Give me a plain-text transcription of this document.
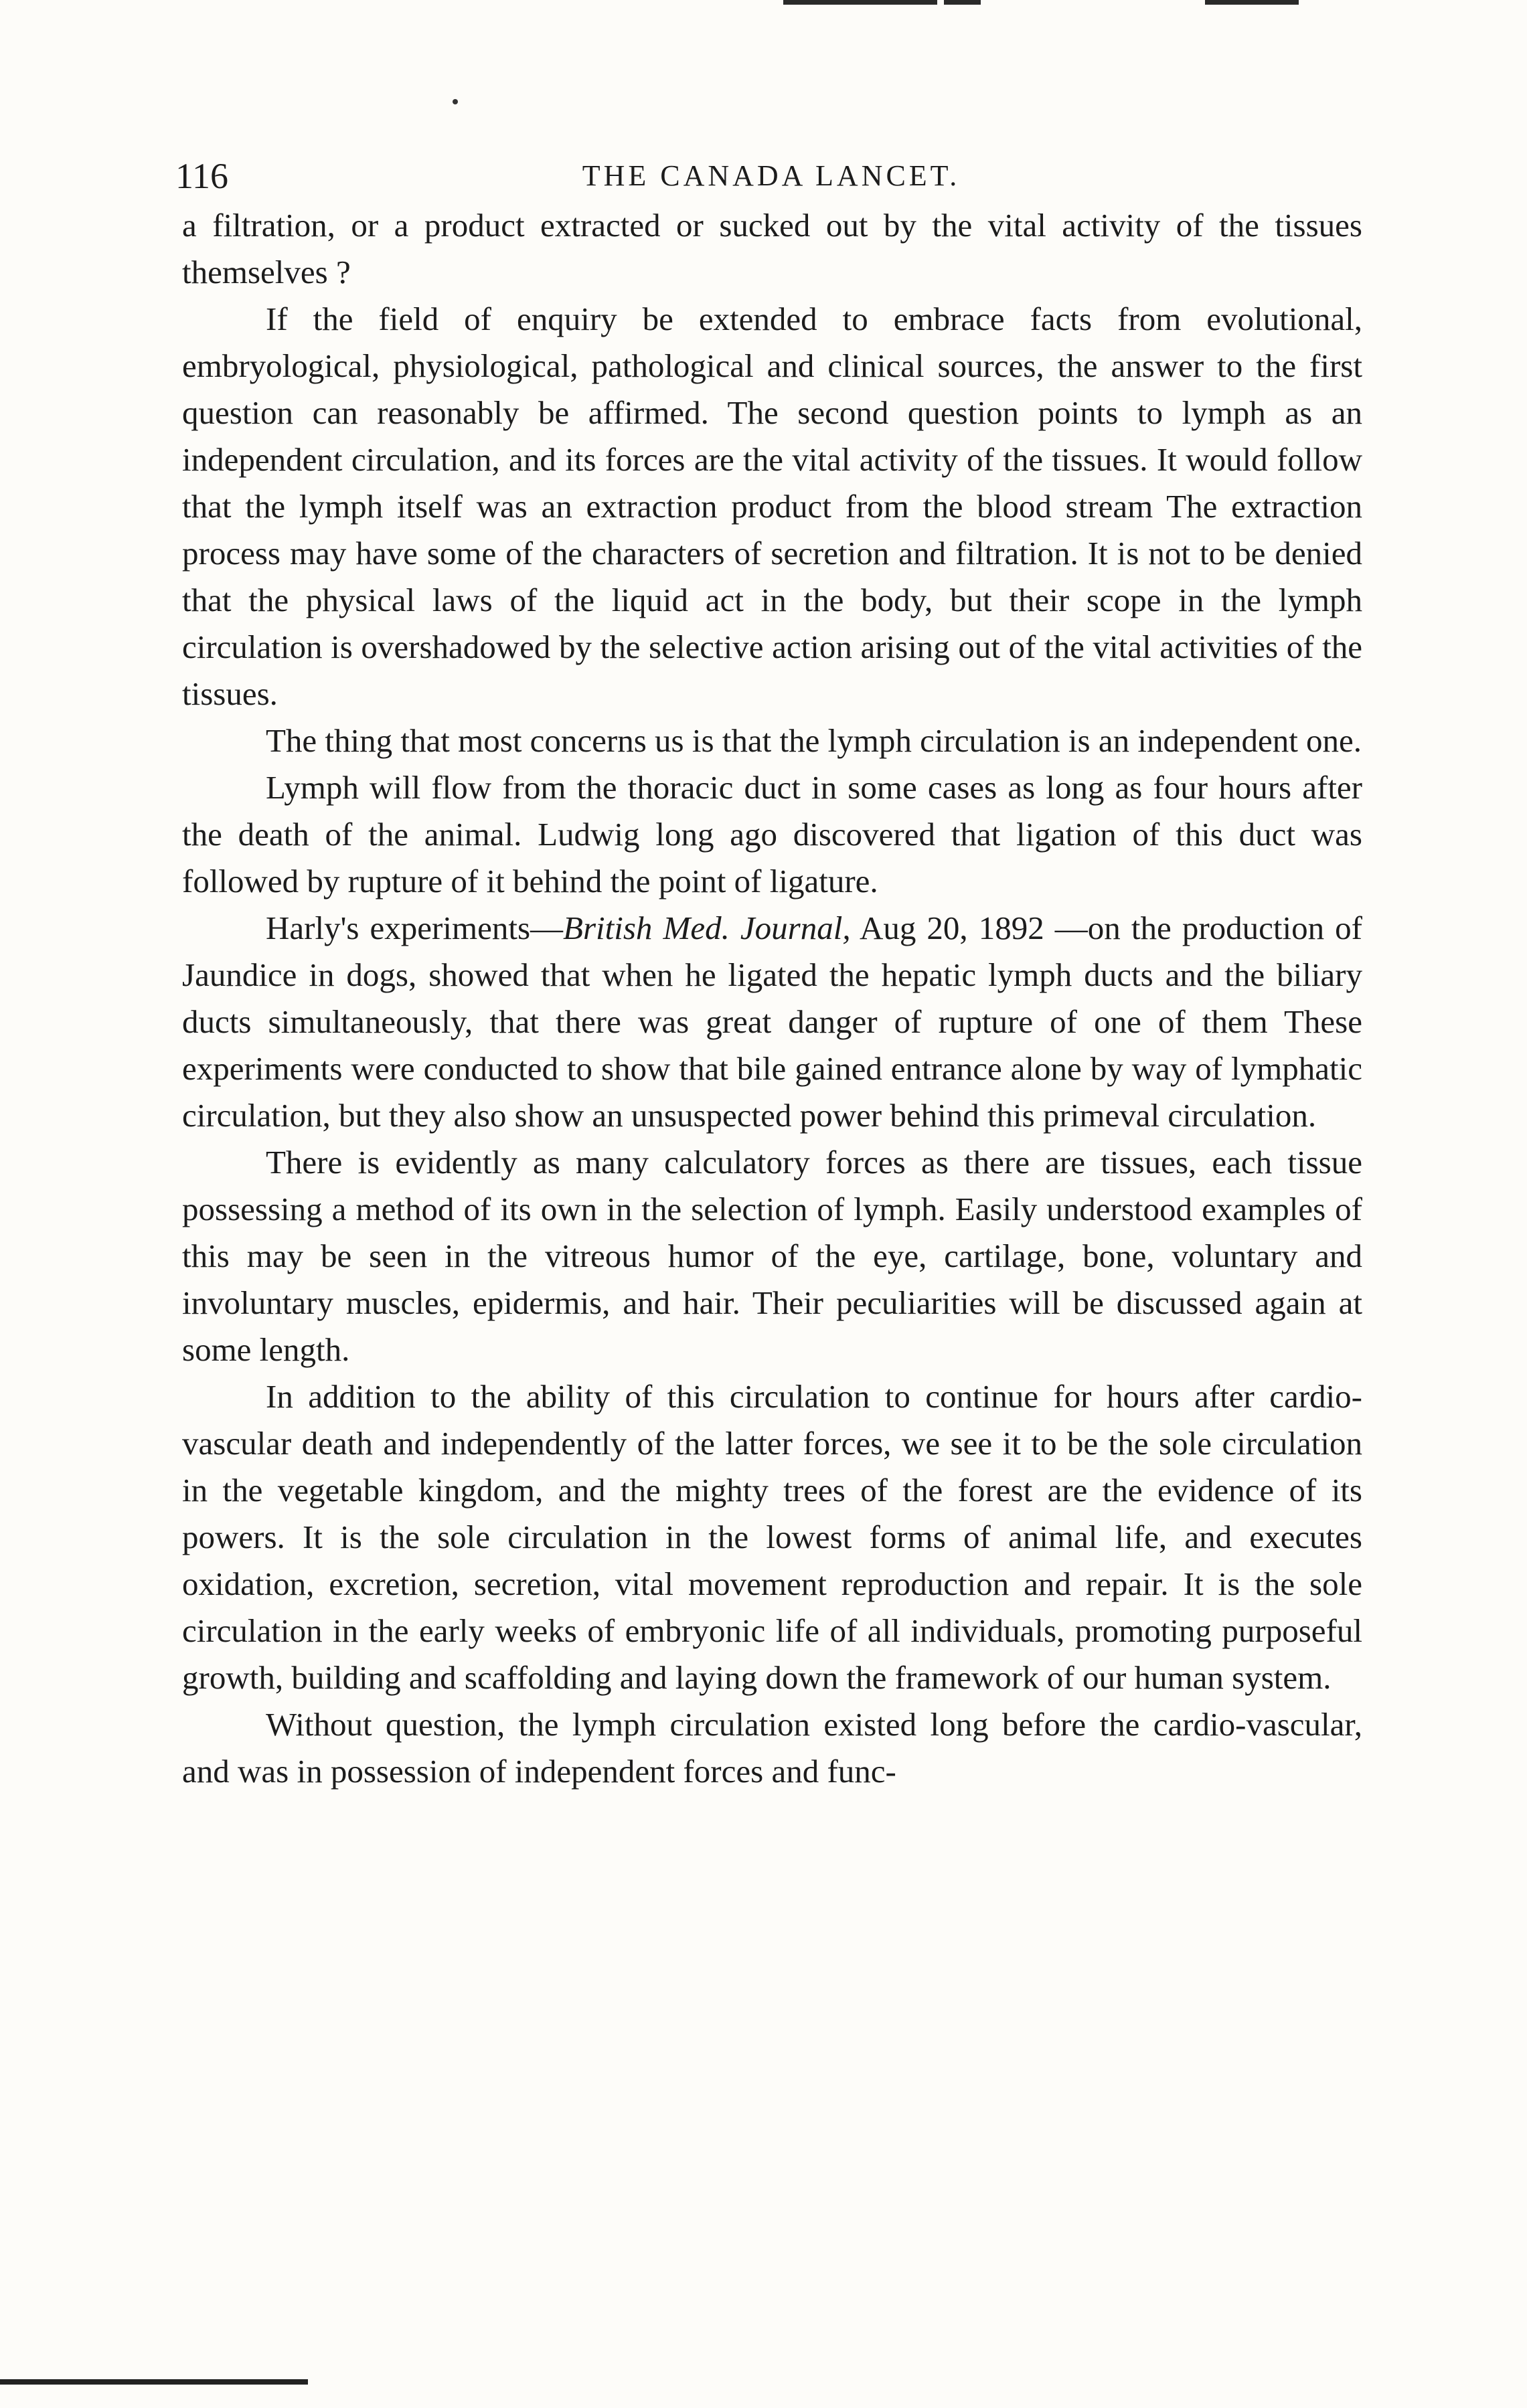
116	THE CANADA LANCET.

a filtration, or a product extracted or sucked out by the vital activity of the tissues themselves ?

If the field of enquiry be extended to embrace facts from evolutional, embryological, physiological, pathological and clinical sources, the answer to the first question can reasonably be affirmed. The second question points to lymph as an independent circulation, and its forces are the vital activity of the tissues. It would follow that the lymph itself was an extraction product from the blood stream The extraction process may have some of the characters of secretion and filtration. It is not to be denied that the physical laws of the liquid act in the body, but their scope in the lymph circulation is overshadowed by the selective action arising out of the vital activities of the tissues.

The thing that most concerns us is that the lymph circulation is an independent one.

Lymph will flow from the thoracic duct in some cases as long as four hours after the death of the animal. Ludwig long ago discovered that ligation of this duct was followed by rupture of it behind the point of ligature.

Harly's experiments—British Med. Journal, Aug 20, 1892 —on the production of Jaundice in dogs, showed that when he ligated the hepatic lymph ducts and the biliary ducts simultaneously, that there was great danger of rupture of one of them These experiments were conducted to show that bile gained entrance alone by way of lymphatic circulation, but they also show an unsuspected power behind this primeval circulation.

There is evidently as many calculatory forces as there are tissues, each tissue possessing a method of its own in the selection of lymph. Easily understood examples of this may be seen in the vitreous humor of the eye, cartilage, bone, voluntary and involuntary muscles, epidermis, and hair. Their peculiarities will be discussed again at some length.

In addition to the ability of this circulation to continue for hours after cardio-vascular death and independently of the latter forces, we see it to be the sole circulation in the vegetable kingdom, and the mighty trees of the forest are the evidence of its powers. It is the sole circulation in the lowest forms of animal life, and executes oxidation, excretion, secretion, vital movement reproduction and repair. It is the sole circulation in the early weeks of embryonic life of all individuals, promoting purposeful growth, building and scaffolding and laying down the framework of our human system.

Without question, the lymph circulation existed long before the cardio-vascular, and was in possession of independent forces and func-
